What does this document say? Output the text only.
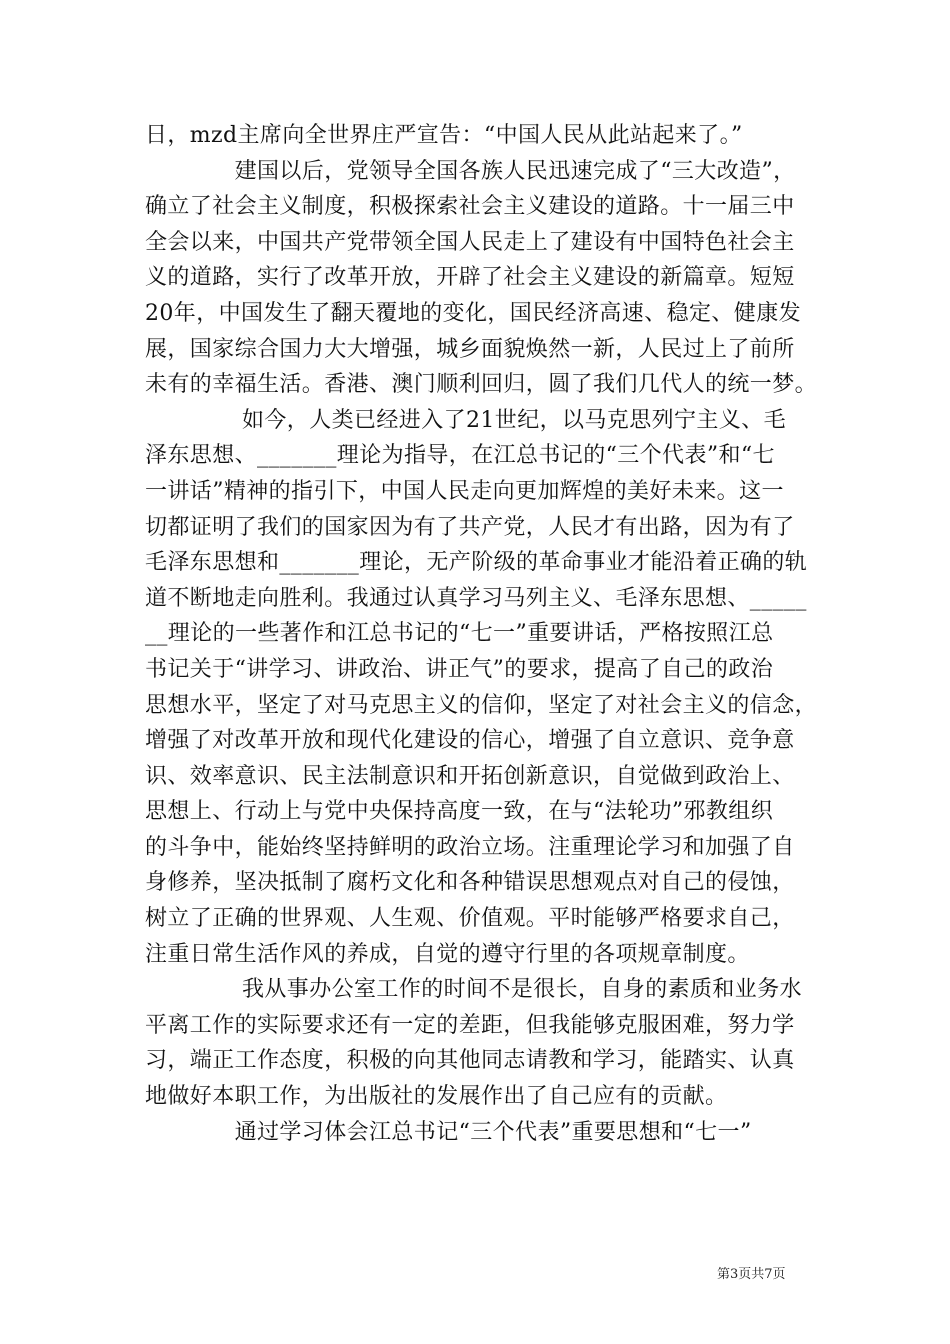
日，mzd主席向全世界庄严宣告：“中国人民从此站起来了。”
　　　　建国以后，党领导全国各族人民迅速完成了“三大改造”，
确立了社会主义制度，积极探索社会主义建设的道路。十一届三中
全会以来，中国共产党带领全国人民走上了建设有中国特色社会主
义的道路，实行了改革开放，开辟了社会主义建设的新篇章。短短
20年，中国发生了翻天覆地的变化，国民经济高速、稳定、健康发
展，国家综合国力大大增强，城乡面貌焕然一新，人民过上了前所
未有的幸福生活。香港、澳门顺利回归，圆了我们几代人的统一梦。
　　　　 如今，人类已经进入了21世纪，以马克思列宁主义、毛
泽东思想、_______理论为指导，在江总书记的“三个代表”和“七
一讲话”精神的指引下，中国人民走向更加辉煌的美好未来。这一
切都证明了我们的国家因为有了共产党，人民才有出路，因为有了
毛泽东思想和_______理论，无产阶级的革命事业才能沿着正确的轨
道不断地走向胜利。我通过认真学习马列主义、毛泽东思想、_____
__理论的一些著作和江总书记的“七一”重要讲话，严格按照江总
书记关于“讲学习、讲政治、讲正气”的要求，提高了自己的政治
思想水平，坚定了对马克思主义的信仰，坚定了对社会主义的信念，
增强了对改革开放和现代化建设的信心，增强了自立意识、竞争意
识、效率意识、民主法制意识和开拓创新意识，自觉做到政治上、
思想上、行动上与党中央保持高度一致，在与“法轮功”邪教组织
的斗争中，能始终坚持鲜明的政治立场。注重理论学习和加强了自
身修养，坚决抵制了腐朽文化和各种错误思想观点对自己的侵蚀，
树立了正确的世界观、人生观、价值观。平时能够严格要求自己，
注重日常生活作风的养成，自觉的遵守行里的各项规章制度。
　　　　 我从事办公室工作的时间不是很长，自身的素质和业务水
平离工作的实际要求还有一定的差距，但我能够克服困难，努力学
习，端正工作态度，积极的向其他同志请教和学习，能踏实、认真
地做好本职工作，为出版社的发展作出了自己应有的贡献。
　　　　通过学习体会江总书记“三个代表”重要思想和“七一”
第3页共7页
